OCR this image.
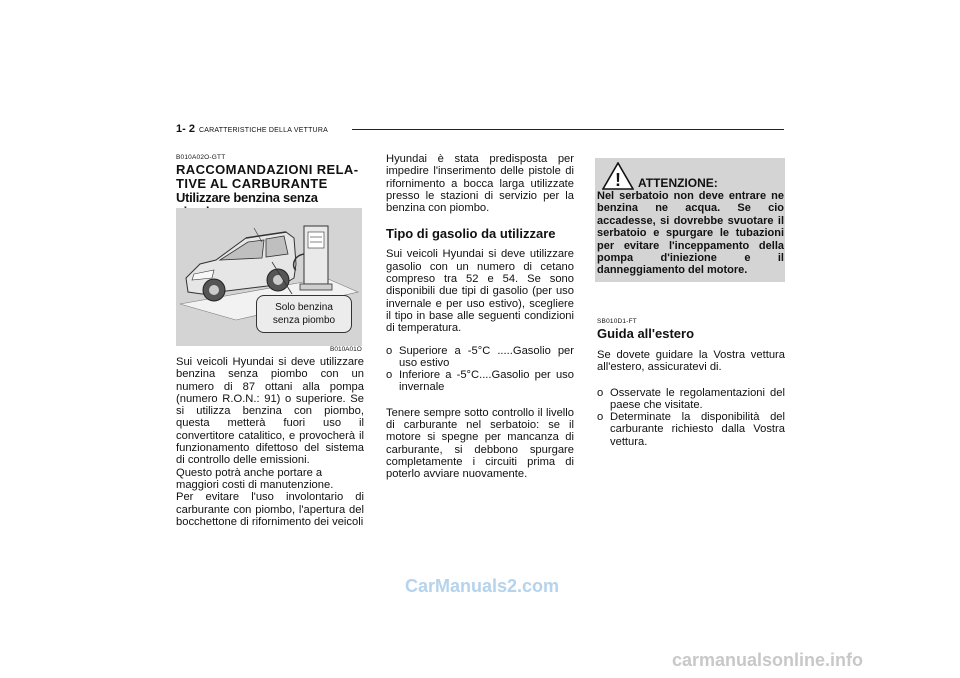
1- 2 CARATTERISTICHE DELLA VETTURA
B010A02O-GTT
RACCOMANDAZIONI RELA-
TIVE AL CARBURANTE
Utilizzare benzina senza
Solo benzina
senza piombo
B010A01O
Sui veicoli Hyundai si deve utilizzare benzina senza piombo con un numero di 87 ottani alla pompa (numero R.O.N.: 91) o superiore. Se si utilizza benzina con piombo, questa metterà fuori uso il convertitore catalitico, e provocherà il funzionamento difettoso del sistema di controllo delle emissioni.
Questo potrà anche portare a maggiori costi di manutenzione.
Per evitare l'uso involontario di carburante con piombo, l'apertura del bocchettone di rifornimento dei veicoli
Hyundai è stata predisposta per impedire l'inserimento delle pistole di rifornimento a bocca larga utilizzate presso le stazioni di servizio per la benzina con piombo.
Tipo di gasolio da utilizzare
Sui veicoli Hyundai si deve utilizzare gasolio con un numero di cetano compreso tra 52 e 54. Se sono disponibili due tipi di gasolio (per uso invernale e per uso estivo), scegliere il tipo in base alle seguenti condizioni di temperatura.
o Superiore a -5°C .....Gasolio per uso estivo
o Inferiore a -5°C....Gasolio per uso invernale
Tenere sempre sotto controllo il livello di carburante nel serbatoio: se il motore si spegne per mancanza di carburante, si debbono spurgare completamente i circuiti prima di poterlo avviare nuovamente.
! ATTENZIONE:
Nel serbatoio non deve entrare ne benzina ne acqua. Se cio accadesse, si dovrebbe svuotare il serbatoio e spurgare le tubazioni per evitare l'inceppamento della pompa d'iniezione e il danneggiamento del motore.
SB010D1-FT
Guida all'estero
Se dovete guidare la Vostra vettura all'estero, assicuratevi di.
o Osservate le regolamentazioni del paese che visitate.
o Determinate la disponibilità del carburante richiesto dalla Vostra vettura.
CarManuals2.com
carmanualsonline.info
